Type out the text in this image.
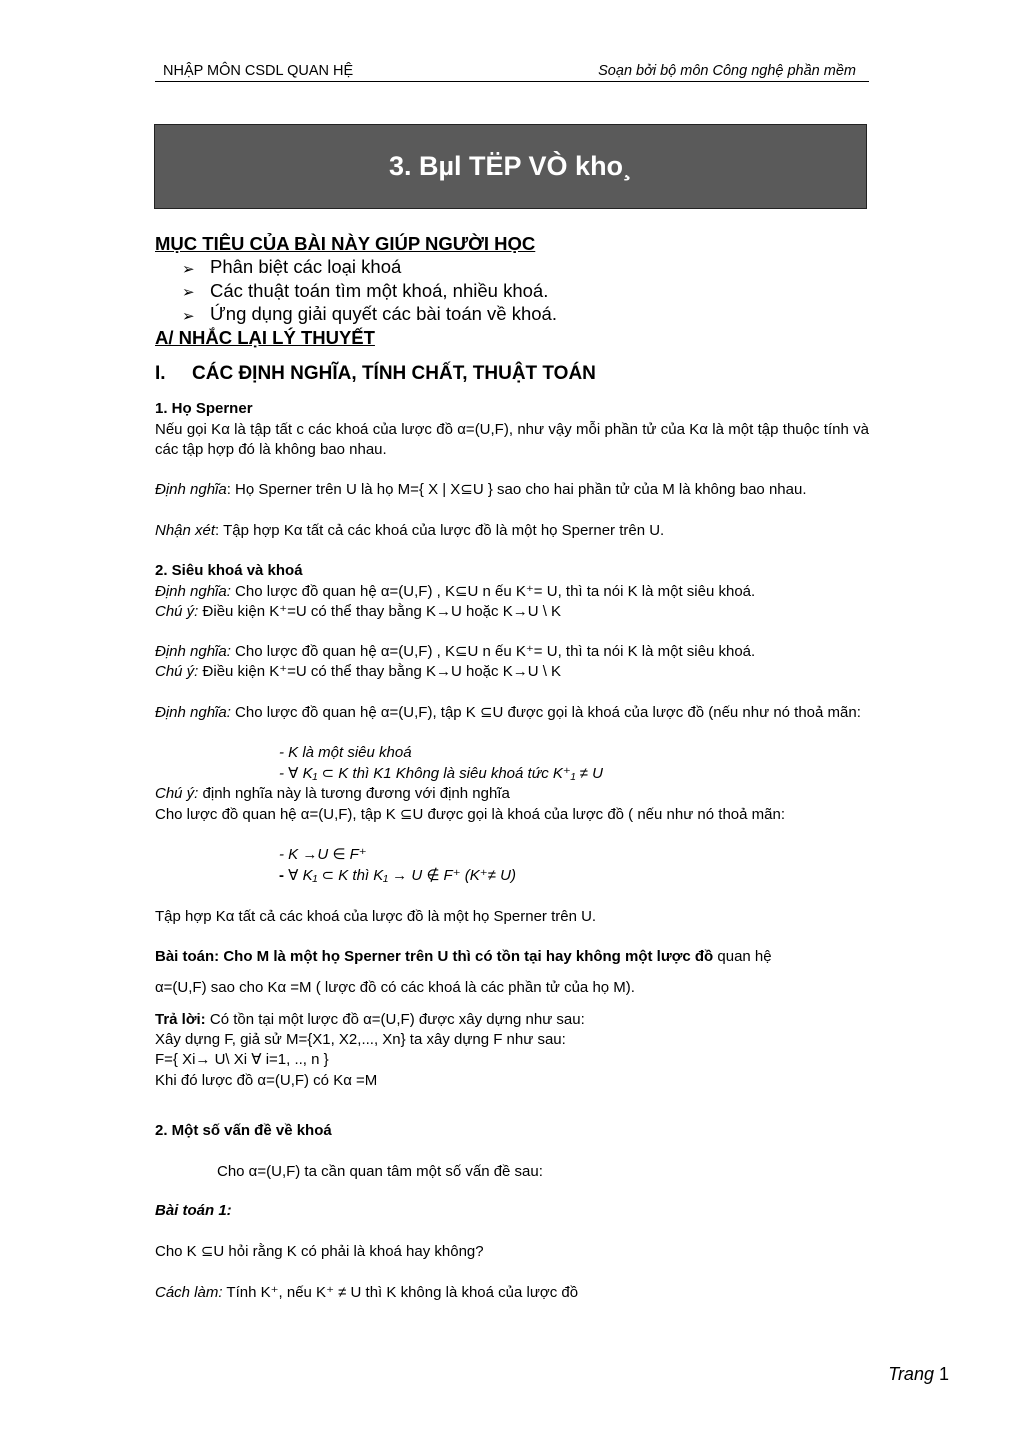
NHẬP MÔN CSDL QUAN HỆ	Soạn bởi bộ môn Công nghệ phần mềm
3. Bµl TËP VÒ kho¸
MỤC TIÊU CỦA BÀI NÀY GIÚP NGƯỜI HỌC
➢ Phân biệt các loại khoá
➢ Các thuật toán tìm một khoá, nhiều khoá.
➢ Ứng dụng giải quyết các bài toán về khoá.
A/ NHẮC LẠI LÝ THUYẾT
I. CÁC ĐỊNH NGHĨA, TÍNH CHẤT, THUẬT TOÁN
1. Họ Sperner
Nếu gọi Kα là tập tất c các khoá của lược đồ α=(U,F), như vậy mỗi phần tử của Kα là một tập thuộc tính và các tập hợp đó là không bao nhau.
Định nghĩa: Họ Sperner trên U là họ M={ X | X⊆U } sao cho hai phần tử của M là không bao nhau.
Nhận xét: Tập hợp Kα tất cả các khoá của lược đồ là một họ Sperner trên U.
2. Siêu khoá và khoá
Định nghĩa: Cho lược đồ quan hệ α=(U,F) , K⊆U n ếu K⁺= U, thì ta nói K là một siêu khoá.
Chú ý: Điều kiện K⁺=U có thể thay bằng K→U hoặc K→U \ K
Định nghĩa: Cho lược đồ quan hệ α=(U,F) , K⊆U n ếu K⁺= U, thì ta nói K là một siêu khoá.
Chú ý: Điều kiện K⁺=U có thể thay bằng K→U hoặc K→U \ K
Định nghĩa: Cho lược đồ quan hệ α=(U,F), tập K ⊆U được gọi là khoá của lược đồ (nếu như nó thoả mãn:
- K là một siêu khoá
- ∀ K₁ ⊂ K thì K1 Không là siêu khoá tức K⁺₁ ≠ U
Chú ý: định nghĩa này là tương đương với định nghĩa
Cho lược đồ quan hệ α=(U,F), tập K ⊆U được gọi là khoá của lược đồ ( nếu như nó thoả mãn:
- K →U ∈ F⁺
- ∀ K₁ ⊂ K thì K₁ → U ∉ F⁺ (K⁺≠ U)
Tập hợp Kα tất cả các khoá của lược đồ là một họ Sperner trên U.
Bài toán: Cho M là một họ Sperner trên U thì có tồn tại hay không một lược đồ quan hệ
α=(U,F) sao cho Kα =M ( lược đồ có các khoá là các phần tử của họ M).
Trả lời: Có tồn tại một lược đồ α=(U,F) được xây dựng như sau:
Xây dựng F, giả sử M={X1, X2,..., Xn} ta xây dựng F như sau:
F={ Xi→ U\ Xi ∀ i=1, .., n }
Khi đó lược đồ α=(U,F) có Kα =M
2. Một số vấn đề về khoá
Cho α=(U,F) ta cần quan tâm một số vấn đề sau:
Bài toán 1:
Cho K ⊆U hỏi rằng K có phải là khoá hay không?
Cách làm: Tính K⁺, nếu K⁺ ≠ U thì K không là khoá của lược đồ
Trang 1
